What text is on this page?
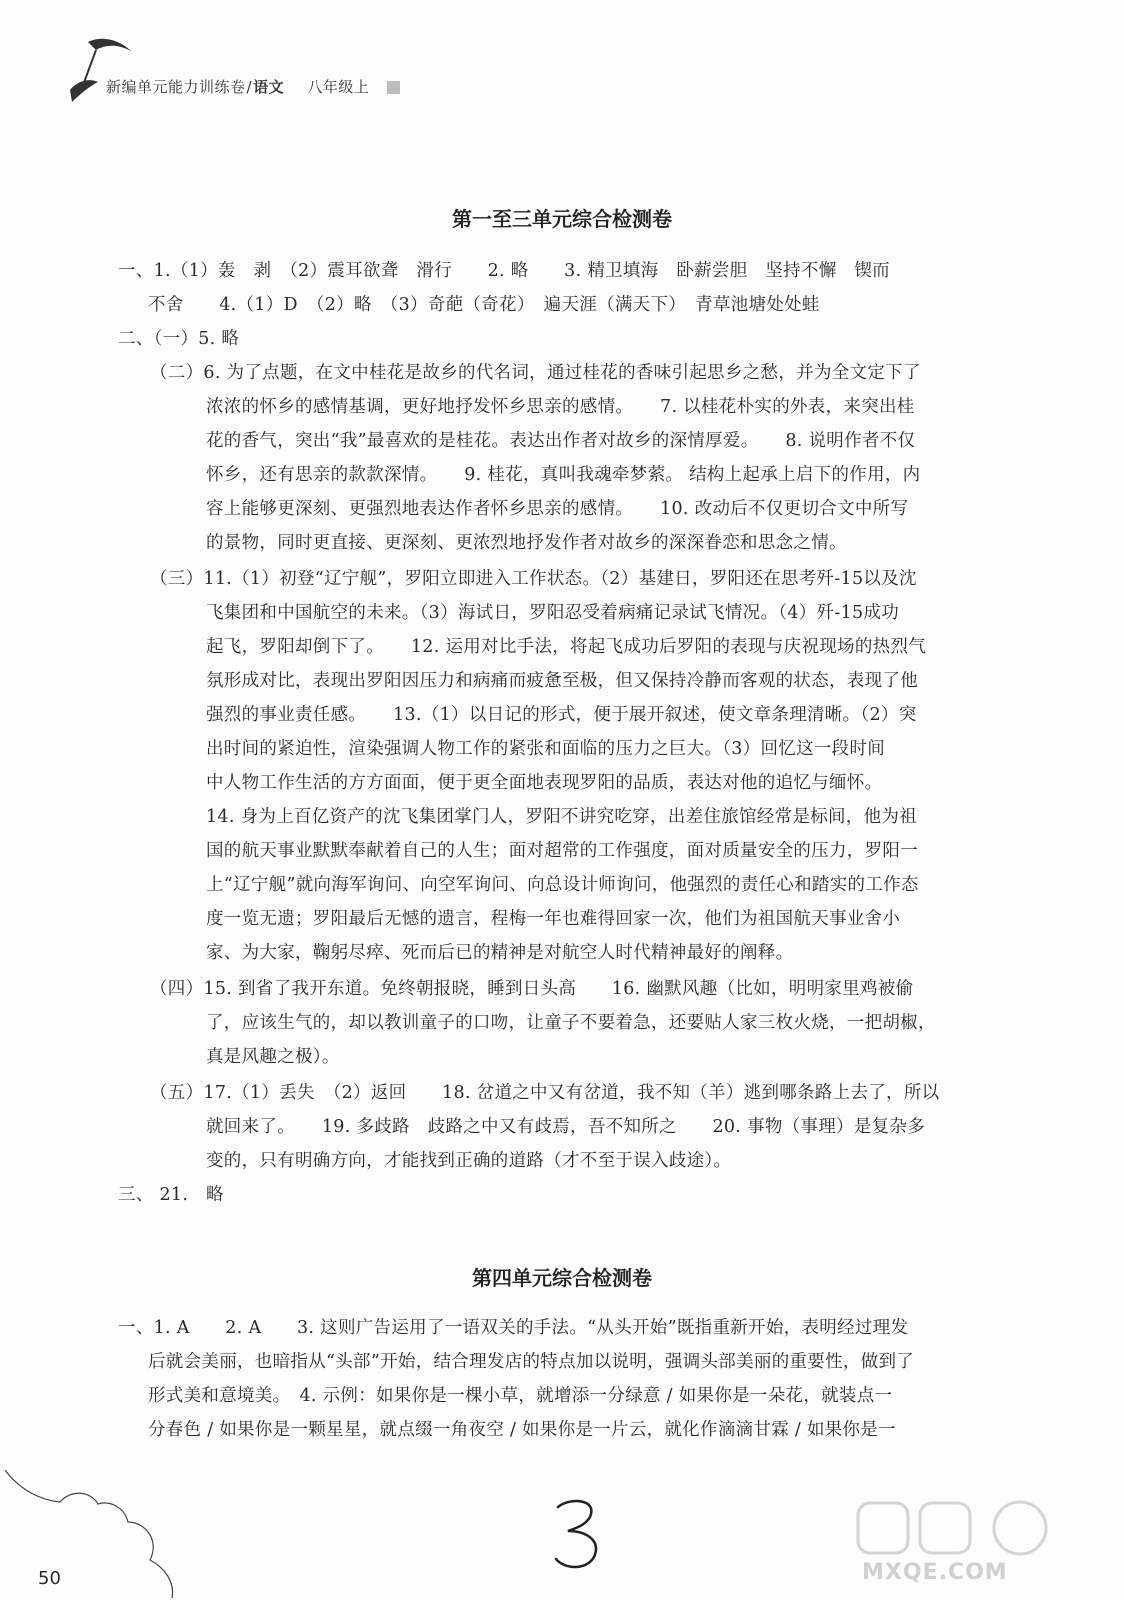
新编单元能力训练卷/语文 八年级上
第一至三单元综合检测卷
一、1.（1）轰　剥　（2）震耳欲聋　滑行　　2. 略　　3. 精卫填海　卧薪尝胆　坚持不懈　锲而
不舍　　4.（1）D　（2）略　（3）奇葩（奇花）　遍天涯（满天下）　青草池塘处处蛙
二、（一）5. 略
（二）6. 为了点题，在文中桂花是故乡的代名词，通过桂花的香味引起思乡之愁，并为全文定下了
浓浓的怀乡的感情基调，更好地抒发怀乡思亲的感情。　　7. 以桂花朴实的外表，来突出桂
花的香气，突出“我”最喜欢的是桂花。表达出作者对故乡的深情厚爱。　　8. 说明作者不仅
怀乡，还有思亲的款款深情。　　9. 桂花，真叫我魂牵梦萦。 结构上起承上启下的作用，内
容上能够更深刻、更强烈地表达作者怀乡思亲的感情。　　10. 改动后不仅更切合文中所写
的景物，同时更直接、更深刻、更浓烈地抒发作者对故乡的深深眷恋和思念之情。
（三）11.（1）初登“辽宁舰”，罗阳立即进入工作状态。（2）基建日，罗阳还在思考歼-15以及沈
飞集团和中国航空的未来。（3）海试日，罗阳忍受着病痛记录试飞情况。（4）歼-15成功
起飞，罗阳却倒下了。　　12. 运用对比手法，将起飞成功后罗阳的表现与庆祝现场的热烈气
氛形成对比，表现出罗阳因压力和病痛而疲惫至极，但又保持冷静而客观的状态，表现了他
强烈的事业责任感。　　13.（1）以日记的形式，便于展开叙述，使文章条理清晰。（2）突
出时间的紧迫性，渲染强调人物工作的紧张和面临的压力之巨大。（3）回忆这一段时间
中人物工作生活的方方面面，便于更全面地表现罗阳的品质，表达对他的追忆与缅怀。
14. 身为上百亿资产的沈飞集团掌门人，罗阳不讲究吃穿，出差住旅馆经常是标间，他为祖
国的航天事业默默奉献着自己的人生；面对超常的工作强度，面对质量安全的压力，罗阳一
上“辽宁舰”就向海军询问、向空军询问、向总设计师询问，他强烈的责任心和踏实的工作态
度一览无遗；罗阳最后无憾的遗言，程梅一年也难得回家一次，他们为祖国航天事业舍小
家、为大家，鞠躬尽瘁、死而后已的精神是对航空人时代精神最好的阐释。
（四）15. 到省了我开东道。免终朝报晓，睡到日头高　　16. 幽默风趣（比如，明明家里鸡被偷
了，应该生气的，却以教训童子的口吻，让童子不要着急，还要贴人家三枚火烧，一把胡椒，
真是风趣之极）。
（五）17.（1）丢失　（2）返回　　18. 岔道之中又有岔道，我不知（羊）逃到哪条路上去了，所以
就回来了。　　19. 多歧路　歧路之中又有歧焉，吾不知所之　　20. 事物（事理）是复杂多
变的，只有明确方向，才能找到正确的道路（才不至于误入歧途）。
三、 21.　略
第四单元综合检测卷
一、1. A　　2. A　　3. 这则广告运用了一语双关的手法。“从头开始”既指重新开始，表明经过理发
后就会美丽，也暗指从“头部”开始，结合理发店的特点加以说明，强调头部美丽的重要性，做到了
形式美和意境美。　4. 示例：如果你是一棵小草，就增添一分绿意 / 如果你是一朵花，就装点一
分春色 / 如果你是一颗星星，就点缀一角夜空 / 如果你是一片云，就化作滴滴甘霖 / 如果你是一
50	MXQE.COM
